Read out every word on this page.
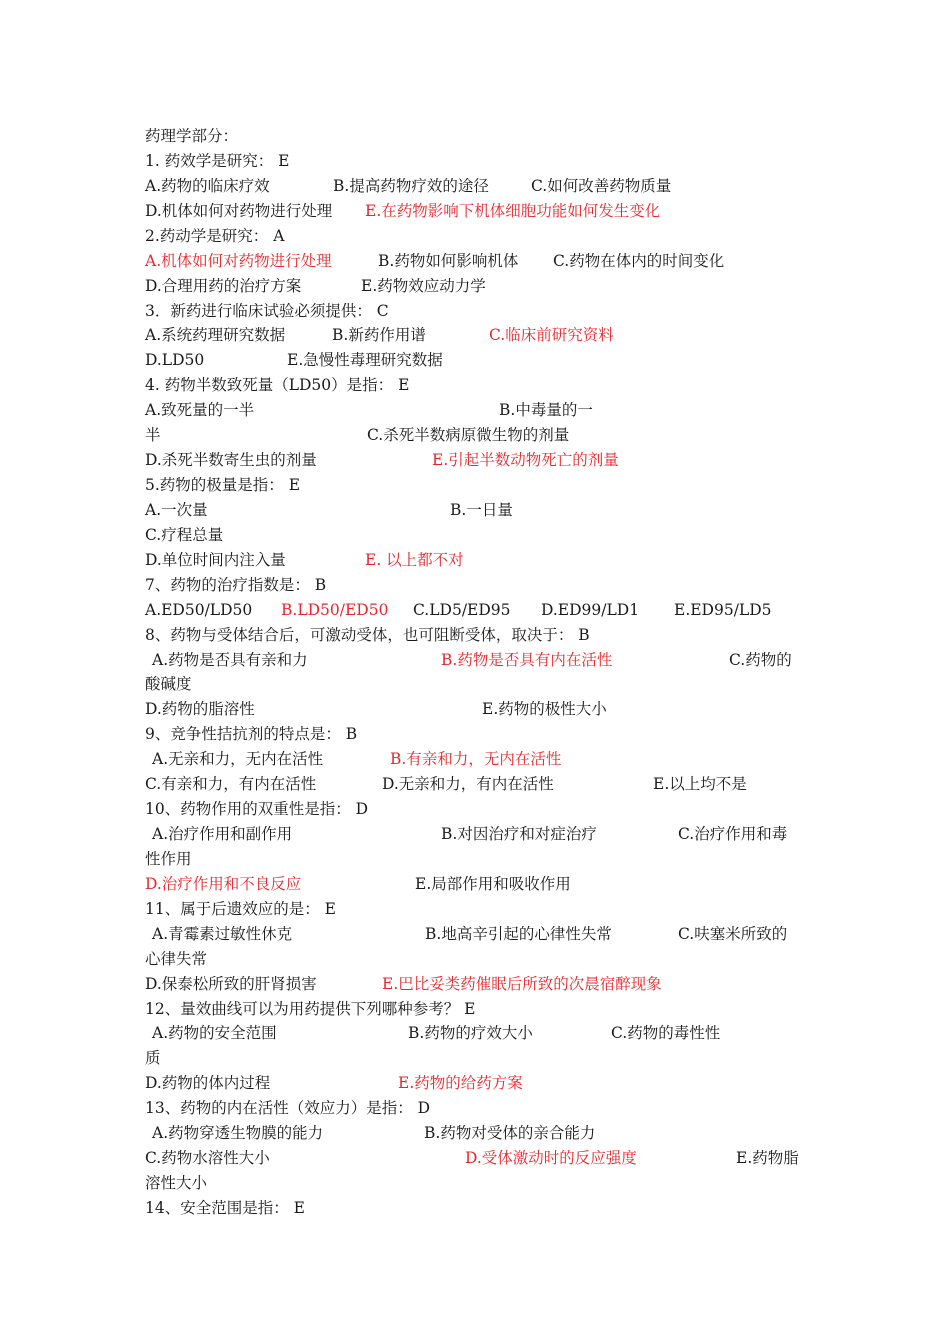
药理学部分：
1. 药效学是研究： E
A.药物的临床疗效	B.提高药物疗效的途径	C.如何改善药物质量
D.机体如何对药物进行处理 E.在药物影响下机体细胞功能如何发生变化
2.药动学是研究： A
A.机体如何对药物进行处理	B.药物如何影响机体 C.药物在体内的时间变化
D.合理用药的治疗方案	E.药物效应动力学
3．新药进行临床试验必须提供： C
A.系统药理研究数据	B.新药作用谱	C.临床前研究资料
D.LD50	E.急慢性毒理研究数据
4. 药物半数致死量（LD50）是指： E
A.致死量的一半	B.中毒量的一
半	C.杀死半数病原微生物的剂量
D.杀死半数寄生虫的剂量	E.引起半数动物死亡的剂量
5.药物的极量是指： E
A.一次量	B.一日量
C.疗程总量
D.单位时间内注入量	E. 以上都不对
7、药物的治疗指数是： B
A.ED50/LD50 B.LD50/ED50 C.LD5/ED95 D.ED99/LD1 E.ED95/LD5
8、药物与受体结合后，可激动受体，也可阻断受体，取决于： B
A.药物是否具有亲和力	B.药物是否具有内在活性	C.药物的
酸碱度
D.药物的脂溶性	E.药物的极性大小
9、竞争性拮抗剂的特点是： B
A.无亲和力，无内在活性	B.有亲和力，无内在活性
C.有亲和力，有内在活性	D.无亲和力，有内在活性	E.以上均不是
10、药物作用的双重性是指： D
A.治疗作用和副作用	B.对因治疗和对症治疗	C.治疗作用和毒
性作用
D.治疗作用和不良反应	E.局部作用和吸收作用
11、属于后遗效应的是： E
A.青霉素过敏性休克	B.地高辛引起的心律性失常	C.呋塞米所致的
心律失常
D.保泰松所致的肝肾损害	E.巴比妥类药催眠后所致的次晨宿醉现象
12、量效曲线可以为用药提供下列哪种参考？ E
A.药物的安全范围	B.药物的疗效大小	C.药物的毒性性
质
D.药物的体内过程	E.药物的给药方案
13、药物的内在活性（效应力）是指： D
A.药物穿透生物膜的能力	B.药物对受体的亲合能力
C.药物水溶性大小	D.受体激动时的反应强度	E.药物脂
溶性大小
14、安全范围是指： E
